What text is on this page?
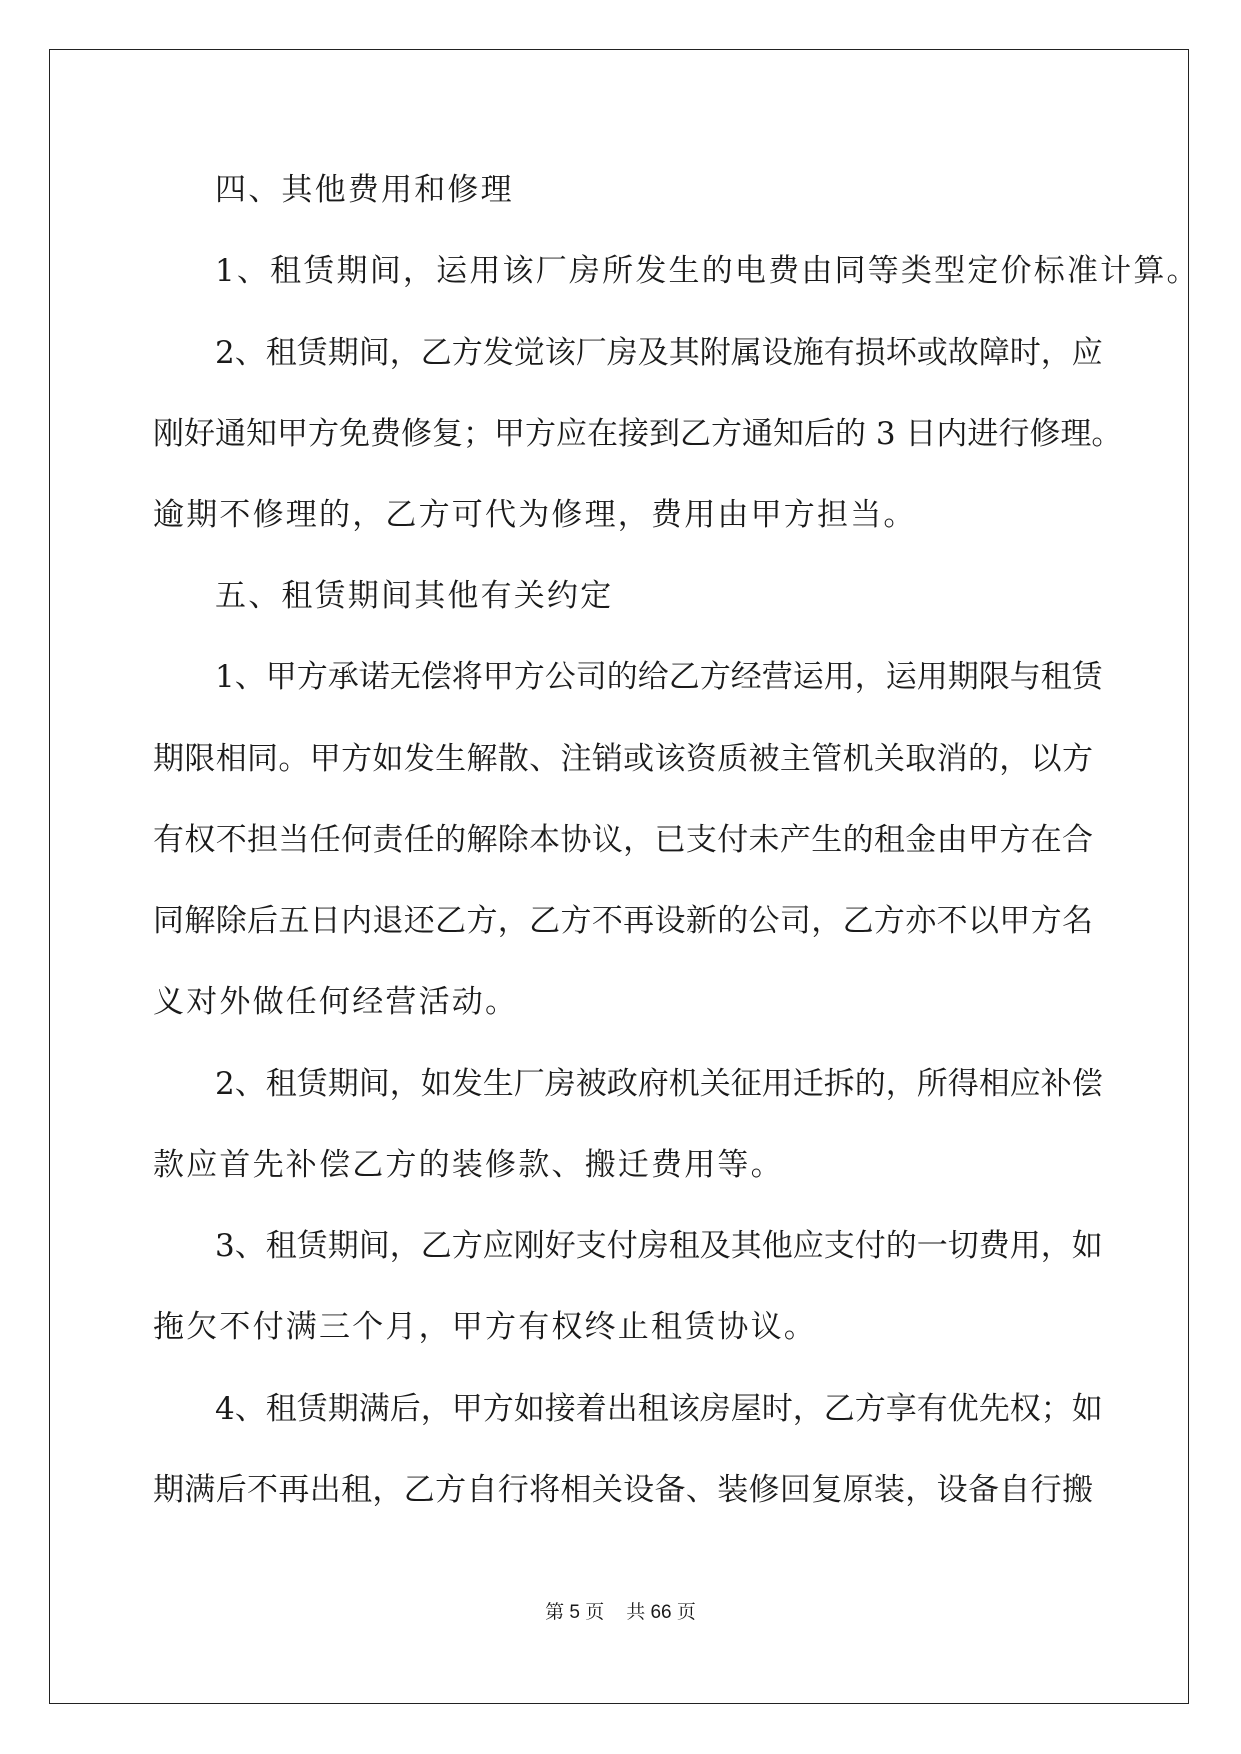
四、其他费用和修理

1、租赁期间，运用该厂房所发生的电费由同等类型定价标准计算。

2、租赁期间，乙方发觉该厂房及其附属设施有损坏或故障时，应

刚好通知甲方免费修复；甲方应在接到乙方通知后的 3 日内进行修理。

逾期不修理的，乙方可代为修理，费用由甲方担当。

五、租赁期间其他有关约定

1、甲方承诺无偿将甲方公司的给乙方经营运用，运用期限与租赁

期限相同。甲方如发生解散、注销或该资质被主管机关取消的，以方

有权不担当任何责任的解除本协议，已支付未产生的租金由甲方在合

同解除后五日内退还乙方，乙方不再设新的公司，乙方亦不以甲方名

义对外做任何经营活动。

2、租赁期间，如发生厂房被政府机关征用迁拆的，所得相应补偿

款应首先补偿乙方的装修款、搬迁费用等。

3、租赁期间，乙方应刚好支付房租及其他应支付的一切费用，如

拖欠不付满三个月，甲方有权终止租赁协议。

4、租赁期满后，甲方如接着出租该房屋时，乙方享有优先权；如

期满后不再出租，乙方自行将相关设备、装修回复原装，设备自行搬

第 5 页 共 66 页
